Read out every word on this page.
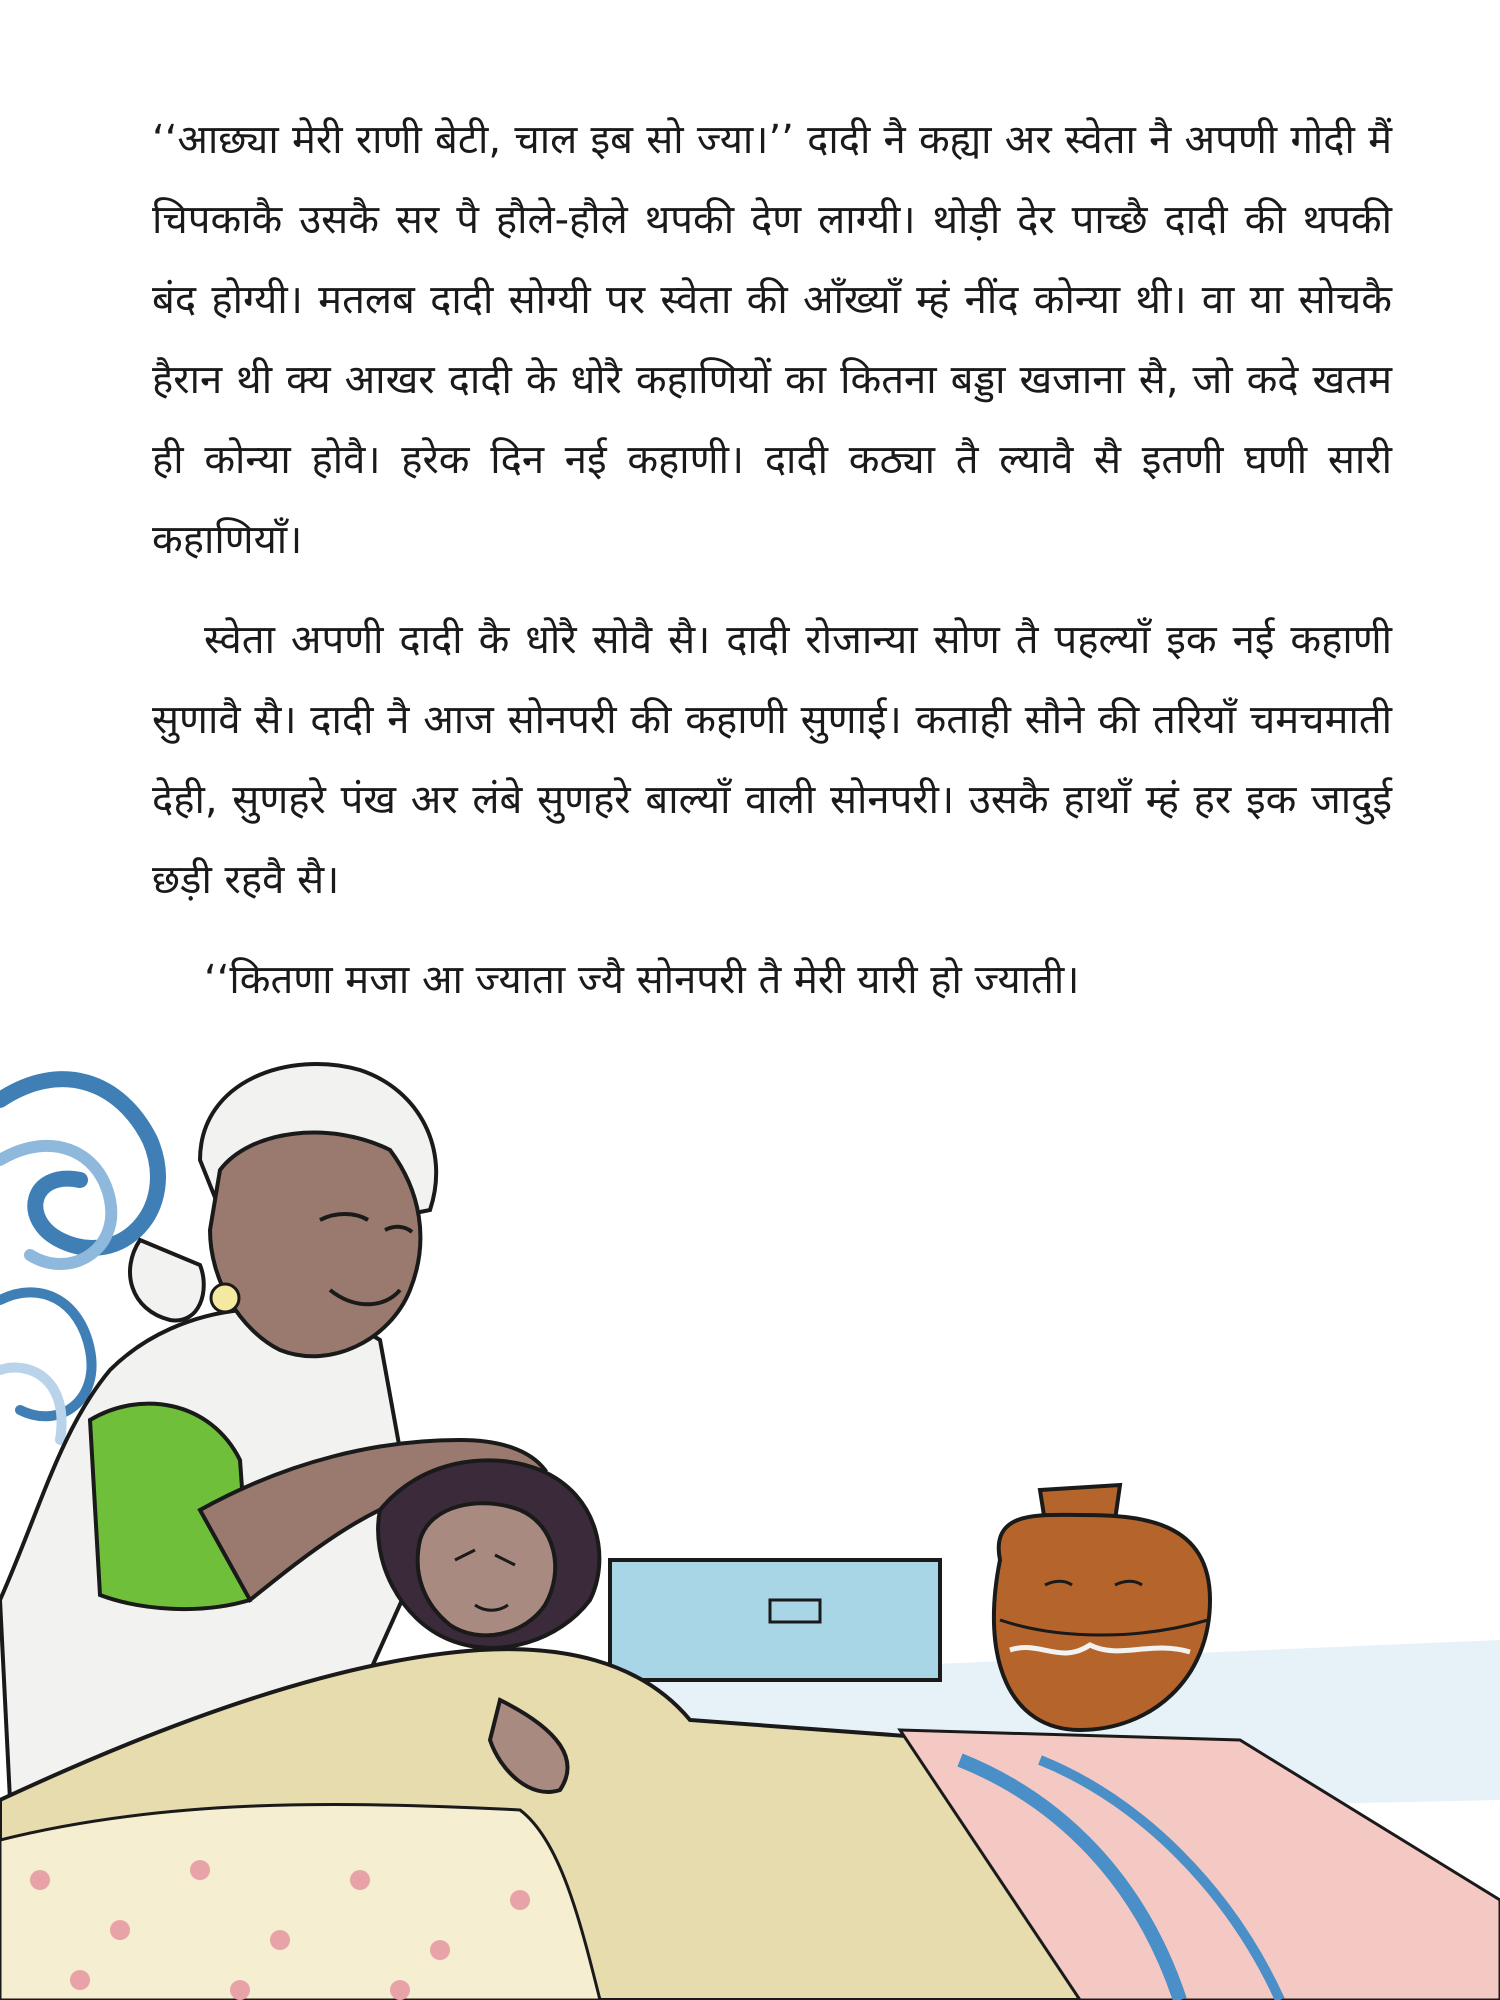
‘‘आछ्या मेरी राणी बेटी, चाल इब सो ज्या।’’ दादी नै कह्या अर स्वेता नै अपणी गोदी मैं चिपकाकै उसकै सर पै हौले-हौले थपकी देण लाग्यी। थोड़ी देर पाच्छै दादी की थपकी बंद होग्यी। मतलब दादी सोग्यी पर स्वेता की आँख्याँ म्हं नींद कोन्या थी। वा या सोचकै हैरान थी क्य आखर दादी के धोरै कहाणियों का कितना बड्डा खजाना सै, जो कदे खतम ही कोन्या होवै। हरेक दिन नई कहाणी। दादी कठ्या तै ल्यावै सै इतणी घणी सारी कहाणियाँ।

स्वेता अपणी दादी कै धोरै सोवै सै। दादी रोजान्या सोण तै पहल्याँ इक नई कहाणी सुणावै सै। दादी नै आज सोनपरी की कहाणी सुणाई। कताही सौने की तरियाँ चमचमाती देही, सुणहरे पंख अर लंबे सुणहरे बाल्याँ वाली सोनपरी। उसकै हाथाँ म्हं हर इक जादुई छड़ी रहवै सै।

‘‘कितणा मजा आ ज्याता ज्यै सोनपरी तै मेरी यारी हो ज्याती।
